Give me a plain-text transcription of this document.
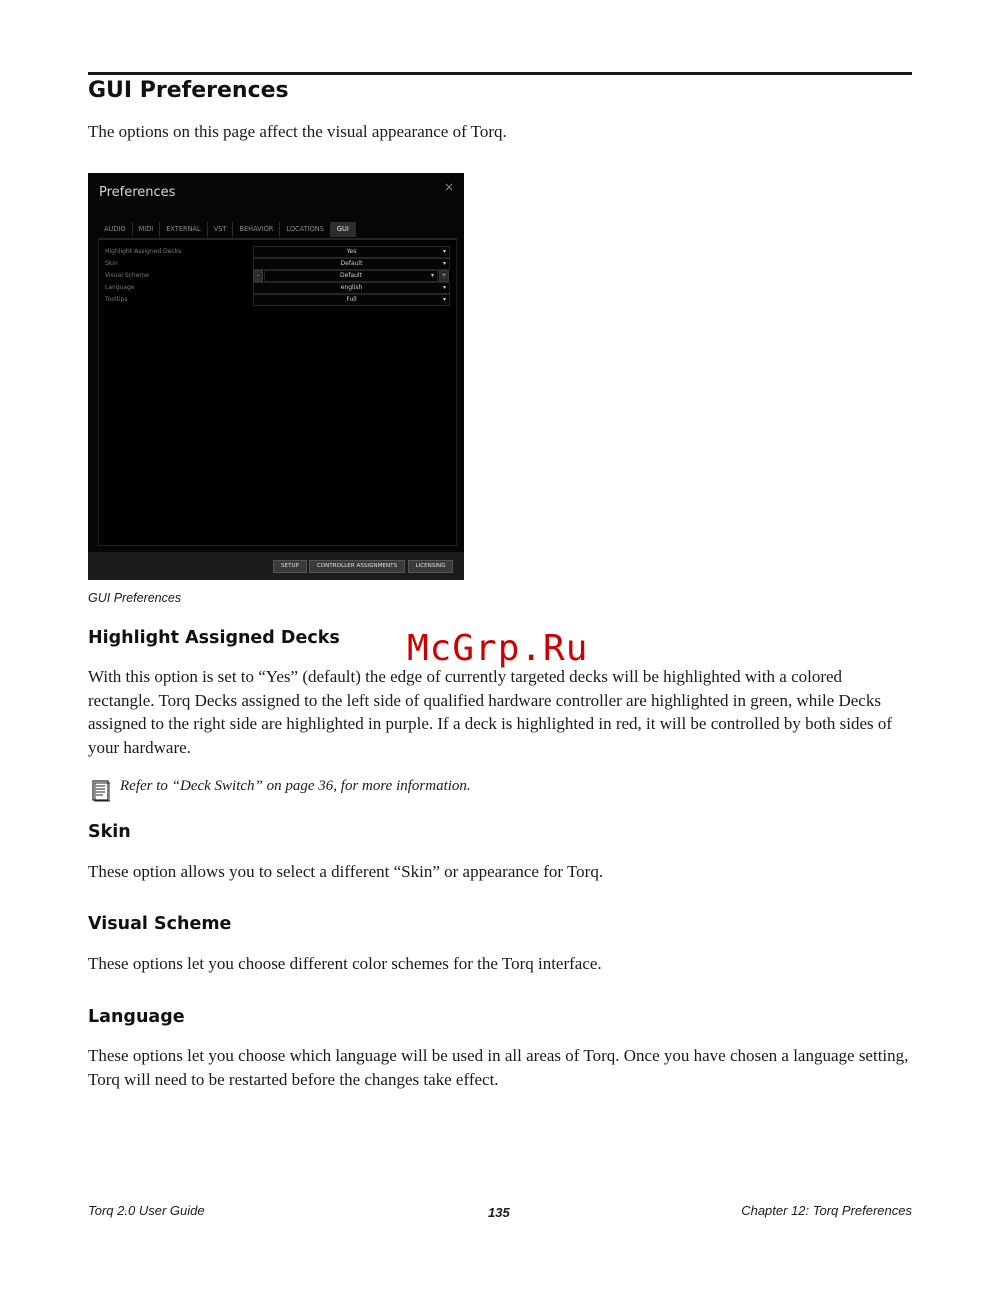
GUI Preferences

The options on this page affect the visual appearance of Torq.

Preferences	×
AUDIO	MIDI	EXTERNAL	VST	BEHAVIOR	LOCATIONS	GUI
Highlight Assigned Decks	Yes	▾
Skin	Default	▾
Visual Scheme	-	Default	▾	+
Language	english	▾
Tooltips	Full	▾
SETUP	CONTROLLER ASSIGNMENTS	LICENSING

GUI Preferences

Highlight Assigned Decks McGrp.Ru

With this option is set to “Yes” (default) the edge of currently targeted decks will be highlighted with a colored rectangle. Torq Decks assigned to the left side of qualified hardware controller are highlighted in green, while Decks assigned to the right side are highlighted in purple. If a deck is highlighted in red, it will be controlled by both sides of your hardware.

Refer to “Deck Switch” on page 36, for more information.
Skin

These option allows you to select a different “Skin” or appearance for Torq.

Visual Scheme

These options let you choose different color schemes for the Torq interface.

Language

These options let you choose which language will be used in all areas of Torq. Once you have chosen a language setting, Torq will need to be restarted before the changes take effect.

Torq 2.0 User Guide	135	Chapter 12: Torq Preferences
